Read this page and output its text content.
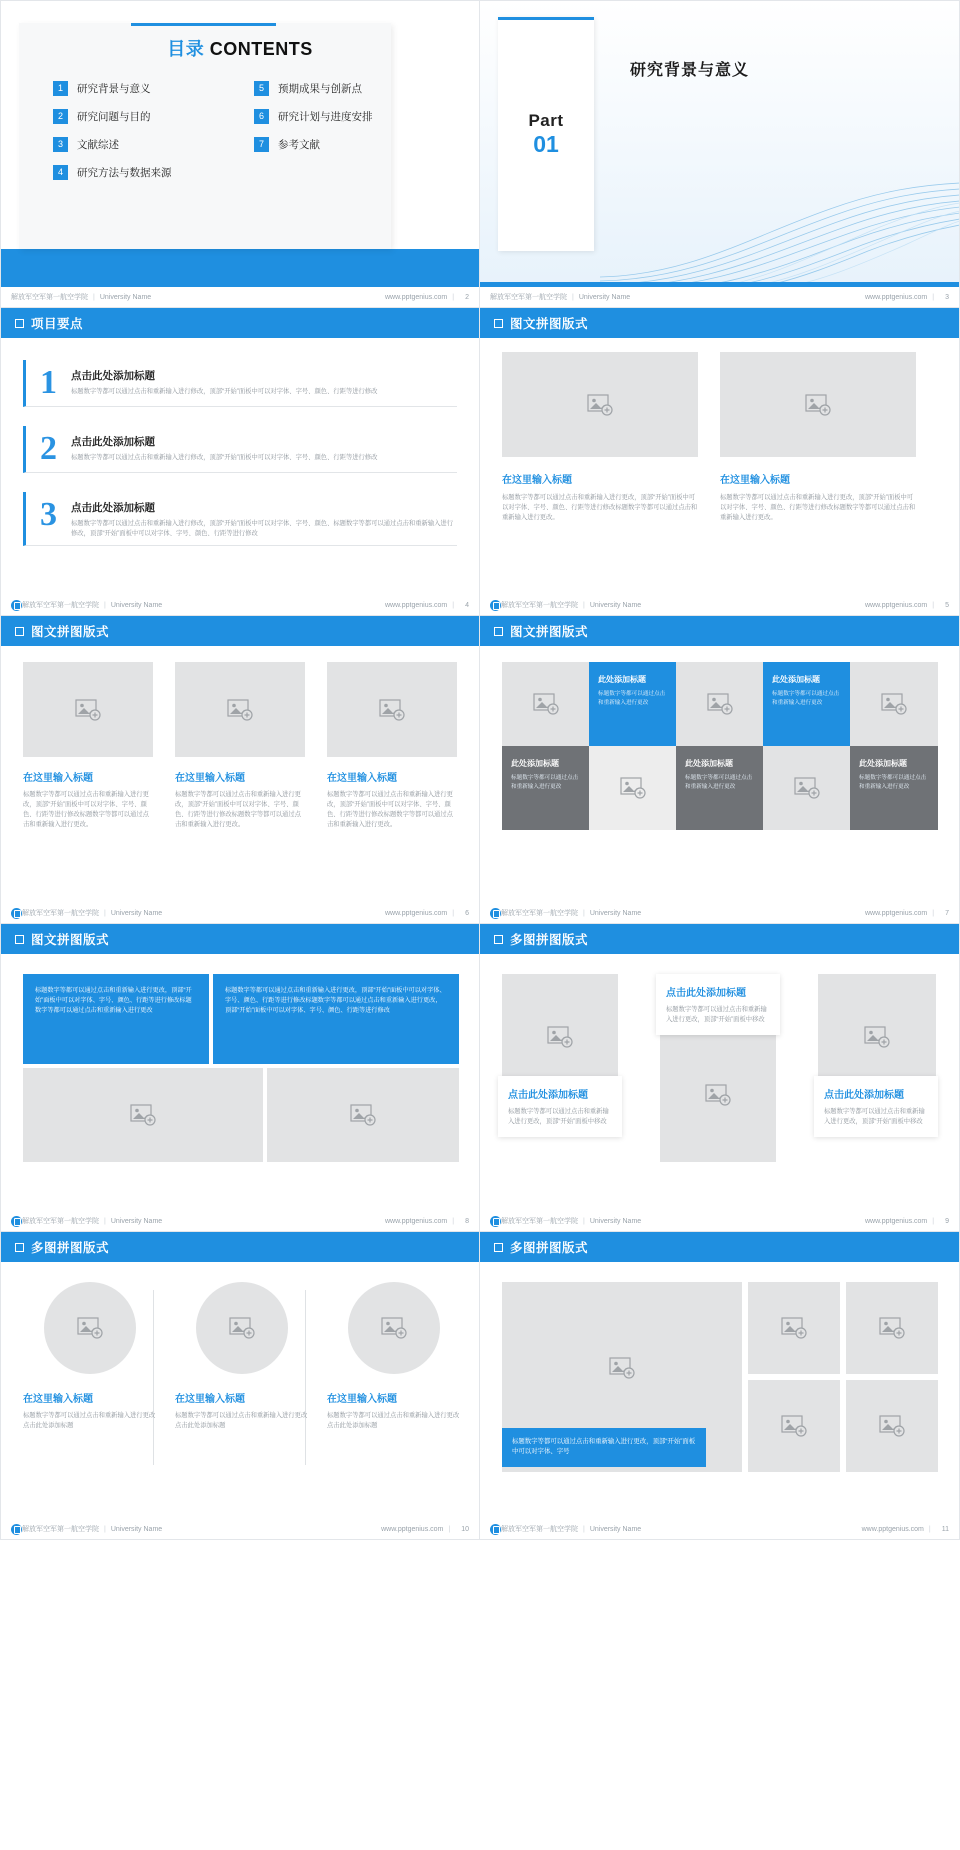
目录 CONTENTS
1	研究背景与意义
2	研究问题与目的
3	文献综述
4	研究方法与数据来源
5	预期成果与创新点
6	研究计划与进度安排
7	参考文献
解放军空军第一航空学院 | University Name	www.pptgenius.com | 2
Part
01
研究背景与意义
解放军空军第一航空学院 | University Name	www.pptgenius.com | 3
项目要点
1 点击此处添加标题
标题数字等都可以通过点击和重新输入进行修改，顶部“开始”面板中可以对字体、字号、颜色、行距等进行修改
2 点击此处添加标题
标题数字等都可以通过点击和重新输入进行修改，顶部“开始”面板中可以对字体、字号、颜色、行距等进行修改
3 点击此处添加标题
标题数字等都可以通过点击和重新输入进行修改，顶部“开始”面板中可以对字体、字号、颜色、标题数字等都可以通过点击和重新输入进行修改，顶部“开始”面板中可以对字体、字号、颜色、行距等进行修改
解放军空军第一航空学院 | University Name	www.pptgenius.com | 4
图文拼图版式
在这里输入标题
标题数字等都可以通过点击和重新输入进行更改，顶部“开始”面板中可以对字体、字号、颜色、行距等进行修改标题数字等都可以通过点击和重新输入进行更改。
在这里输入标题
标题数字等都可以通过点击和重新输入进行更改，顶部“开始”面板中可以对字体、字号、颜色、行距等进行修改标题数字等都可以通过点击和重新输入进行更改。
解放军空军第一航空学院 | University Name	www.pptgenius.com | 5
图文拼图版式
在这里输入标题
标题数字等都可以通过点击和重新输入进行更改，顶部“开始”面板中可以对字体、字号、颜色、行距等进行修改标题数字等都可以通过点击和重新输入进行更改。
在这里输入标题
标题数字等都可以通过点击和重新输入进行更改，顶部“开始”面板中可以对字体、字号、颜色、行距等进行修改标题数字等都可以通过点击和重新输入进行更改。
在这里输入标题
标题数字等都可以通过点击和重新输入进行更改，顶部“开始”面板中可以对字体、字号、颜色、行距等进行修改标题数字等都可以通过点击和重新输入进行更改。
解放军空军第一航空学院 | University Name	www.pptgenius.com | 6
图文拼图版式
此处添加标题
标题数字等都可以通过点击和重新输入进行更改
此处添加标题
标题数字等都可以通过点击和重新输入进行更改
此处添加标题
标题数字等都可以通过点击和重新输入进行更改
此处添加标题
标题数字等都可以通过点击和重新输入进行更改
此处添加标题
标题数字等都可以通过点击和重新输入进行更改
解放军空军第一航空学院 | University Name	www.pptgenius.com | 7
图文拼图版式
标题数字等都可以通过点击和重新输入进行更改，顶部“开始”面板中可以对字体、字号、颜色、行距等进行修改标题数字等都可以通过点击和重新输入进行更改
标题数字等都可以通过点击和重新输入进行更改，顶部“开始”面板中可以对字体、字号、颜色、行距等进行修改标题数字等都可以通过点击和重新输入进行更改，顶部“开始”面板中可以对字体、字号、颜色、行距等进行修改
解放军空军第一航空学院 | University Name	www.pptgenius.com | 8
多图拼图版式
点击此处添加标题
标题数字等都可以通过点击和重新输入进行更改，顶部“开始”面板中移改
点击此处添加标题
标题数字等都可以通过点击和重新输入进行更改，顶部“开始”面板中移改
点击此处添加标题
标题数字等都可以通过点击和重新输入进行更改，顶部“开始”面板中移改
解放军空军第一航空学院 | University Name	www.pptgenius.com | 9
多图拼图版式
在这里输入标题
标题数字等都可以通过点击和重新输入进行更改 点击此处添加标题
在这里输入标题
标题数字等都可以通过点击和重新输入进行更改 点击此处添加标题
在这里输入标题
标题数字等都可以通过点击和重新输入进行更改 点击此处添加标题
解放军空军第一航空学院 | University Name	www.pptgenius.com | 10
多图拼图版式
标题数字等都可以通过点击和重新输入进行更改，顶部“开始”面板中可以对字体、字号
解放军空军第一航空学院 | University Name	www.pptgenius.com | 11
